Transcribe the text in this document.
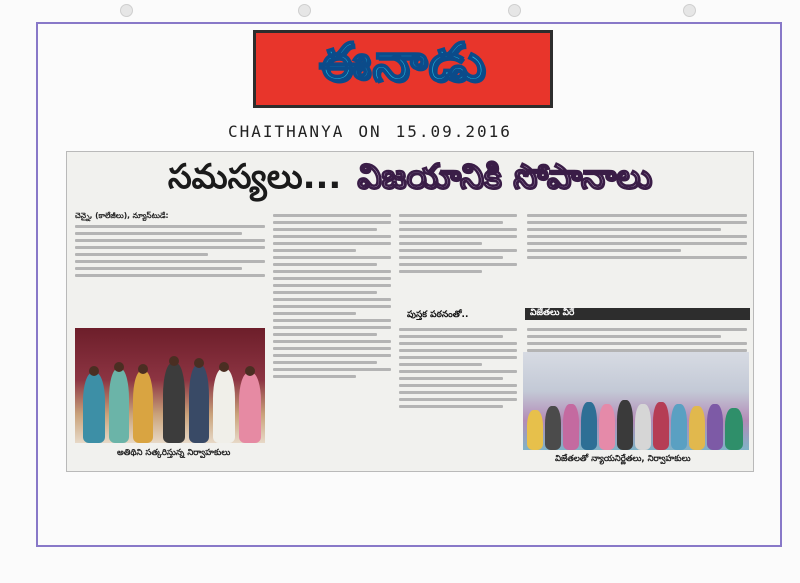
ఈనాడు
CHAITHANYA ON 15.09.2016
సమస్యలు... విజయానికి సోపానాలు
చెన్నై, (కాలేజీలు), న్యూస్‌టుడే:
పుస్తక పఠనంతో..	విజేతలు వీరే
అతిథిని సత్కరిస్తున్న నిర్వాహకులు
విజేతలతో న్యాయనిర్ణేతలు, నిర్వాహకులు
